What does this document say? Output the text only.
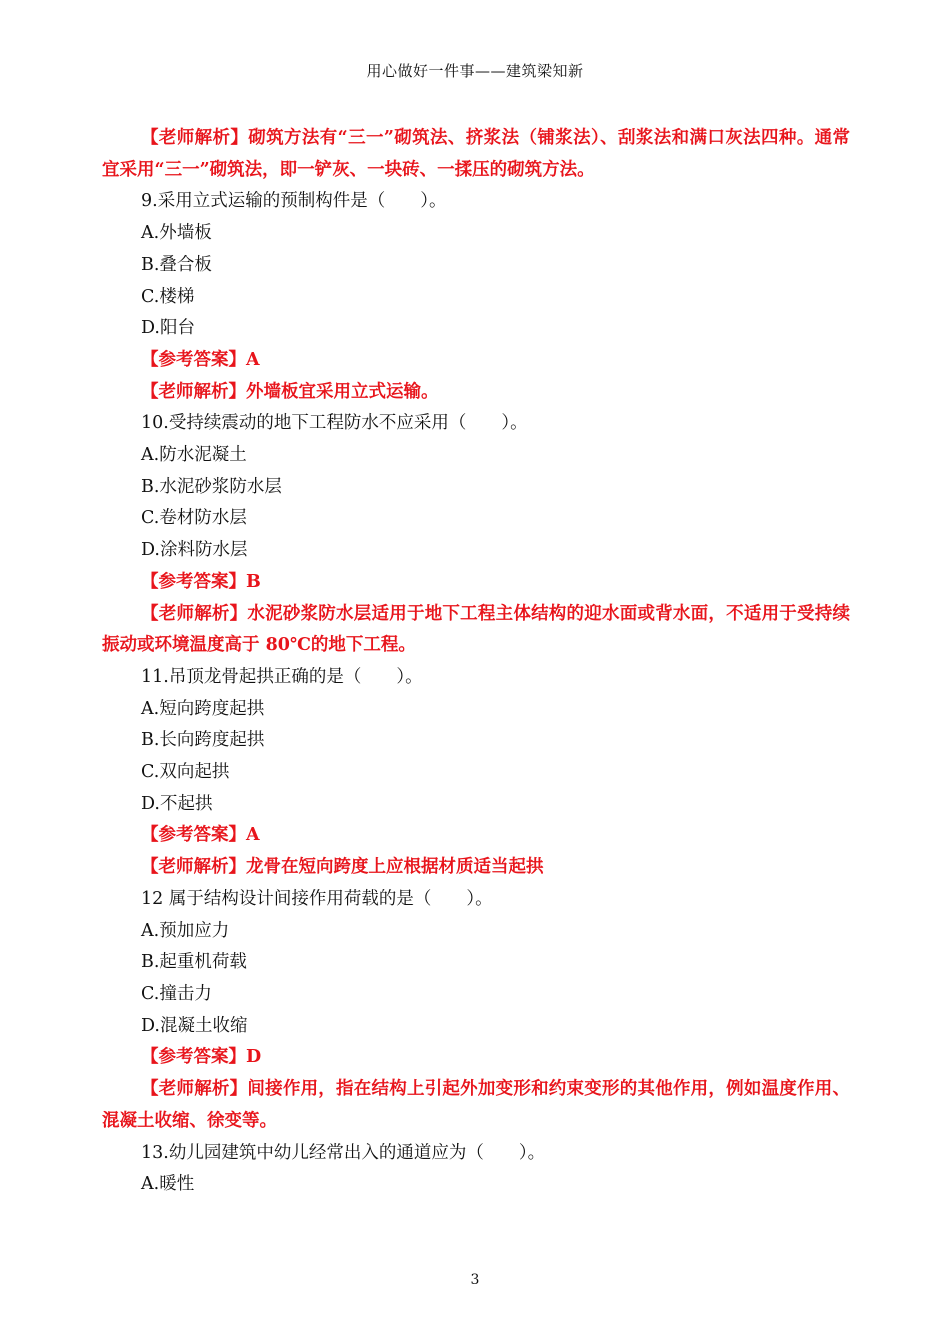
用心做好一件事——建筑梁知新
【老师解析】砌筑方法有“三一”砌筑法、挤浆法（铺浆法）、刮浆法和满口灰法四种。通常宜采用“三一”砌筑法，即一铲灰、一块砖、一揉压的砌筑方法。
9.采用立式运输的预制构件是（　　）。
A.外墙板
B.叠合板
C.楼梯
D.阳台
【参考答案】A
【老师解析】外墙板宜采用立式运输。
10.受持续震动的地下工程防水不应采用（　　）。
A.防水泥凝土
B.水泥砂浆防水层
C.卷材防水层
D.涂料防水层
【参考答案】B
【老师解析】水泥砂浆防水层适用于地下工程主体结构的迎水面或背水面，不适用于受持续振动或环境温度高于 80℃的地下工程。
11.吊顶龙骨起拱正确的是（　　）。
A.短向跨度起拱
B.长向跨度起拱
C.双向起拱
D.不起拱
【参考答案】A
【老师解析】龙骨在短向跨度上应根据材质适当起拱
12 属于结构设计间接作用荷载的是（　　）。
A.预加应力
B.起重机荷载
C.撞击力
D.混凝土收缩
【参考答案】D
【老师解析】间接作用，指在结构上引起外加变形和约束变形的其他作用，例如温度作用、混凝土收缩、徐变等。
13.幼儿园建筑中幼儿经常出入的通道应为（　　）。
A.暖性
3
